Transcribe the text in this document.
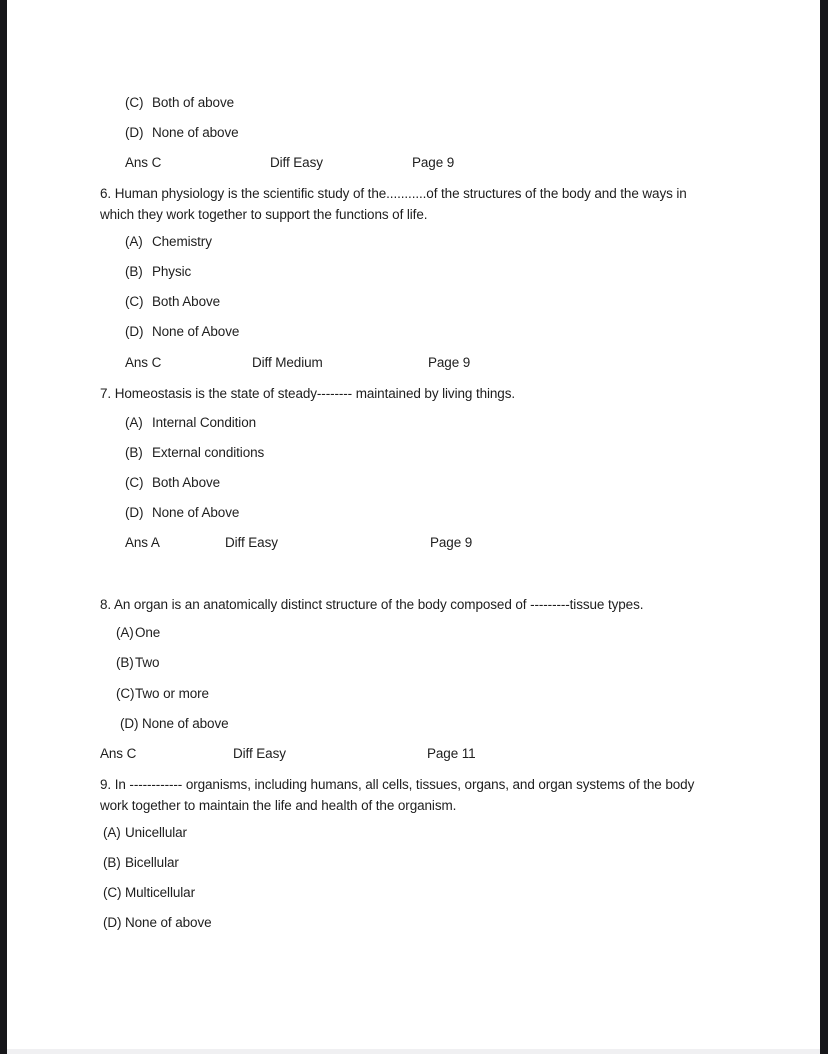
(C) Both of above
(D) None of above
Ans C	Diff Easy	Page 9
6. Human physiology is the scientific study of the...........of the structures of the body and the ways in
which they work together to support the functions of life.
(A) Chemistry
(B) Physic
(C) Both Above
(D) None of Above
Ans C	Diff Medium	Page 9
7. Homeostasis is the state of steady-------- maintained by living things.
(A) Internal Condition
(B) External conditions
(C) Both Above
(D) None of Above
Ans A	Diff Easy	Page 9
8. An organ is an anatomically distinct structure of the body composed of ---------tissue types.
(A) One
(B) Two
(C) Two or more
(D) None of above
Ans C	Diff Easy	Page 11
9. In ------------ organisms, including humans, all cells, tissues, organs, and organ systems of the body
work together to maintain the life and health of the organism.
(A) Unicellular
(B) Bicellular
(C) Multicellular
(D) None of above
